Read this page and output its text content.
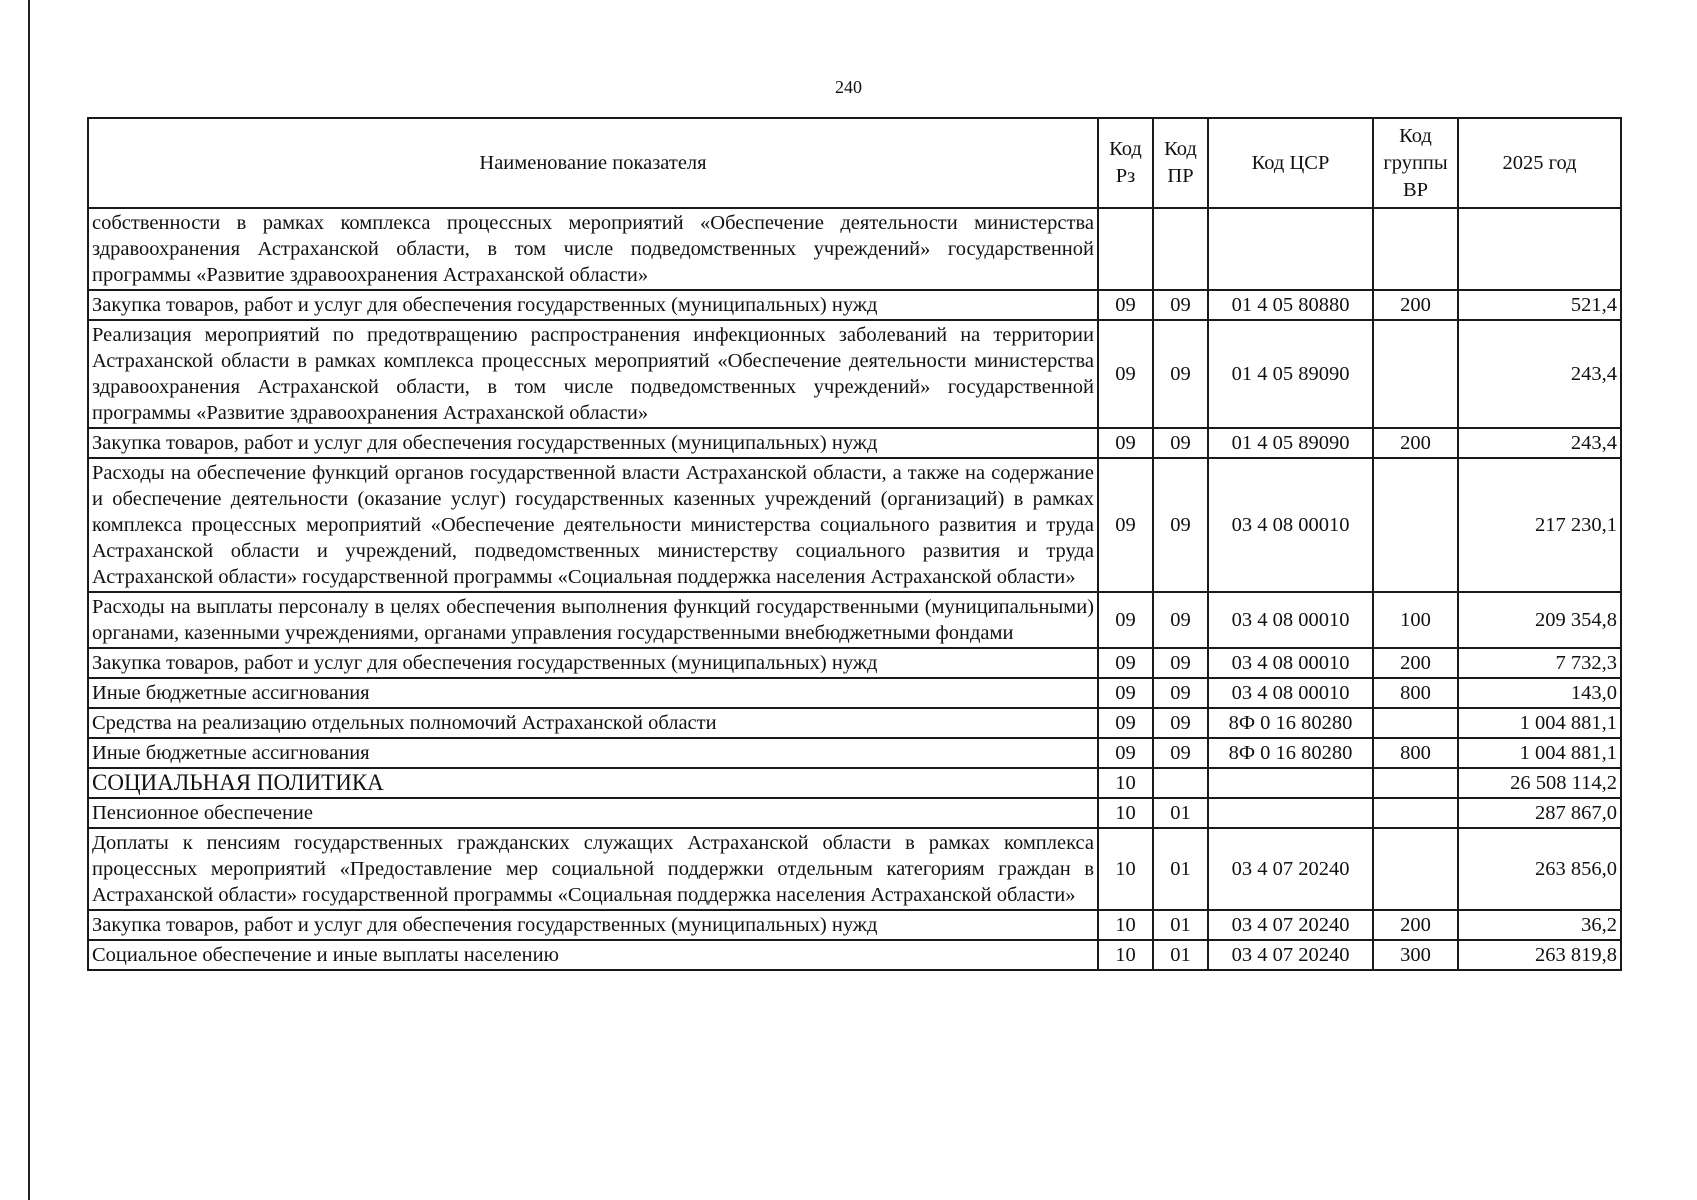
240
Наименование показателя	Код Рз	Код ПР	Код ЦСР	Код группы ВР	2025 год
собственности в рамках комплекса процессных мероприятий «Обеспечение деятельности министерства здравоохранения Астраханской области, в том числе подведомственных учреждений» государственной программы «Развитие здравоохранения Астраханской области»					
Закупка товаров, работ и услуг для обеспечения государственных (муниципальных) нужд	09	09	01 4 05 80880	200	521,4
Реализация мероприятий по предотвращению распространения инфекционных заболеваний на территории Астраханской области в рамках комплекса процессных мероприятий «Обеспечение деятельности министерства здравоохранения Астраханской области, в том числе подведомственных учреждений» государственной программы «Развитие здравоохранения Астраханской области»	09	09	01 4 05 89090		243,4
Закупка товаров, работ и услуг для обеспечения государственных (муниципальных) нужд	09	09	01 4 05 89090	200	243,4
Расходы на обеспечение функций органов государственной власти Астраханской области, а также на содержание и обеспечение деятельности (оказание услуг) государственных казенных учреждений (организаций) в рамках комплекса процессных мероприятий «Обеспечение деятельности министерства социального развития и труда Астраханской области и учреждений, подведомственных министерству социального развития и труда Астраханской области» государственной программы «Социальная поддержка населения Астраханской области»	09	09	03 4 08 00010		217 230,1
Расходы на выплаты персоналу в целях обеспечения выполнения функций государственными (муниципальными) органами, казенными учреждениями, органами управления государственными внебюджетными фондами	09	09	03 4 08 00010	100	209 354,8
Закупка товаров, работ и услуг для обеспечения государственных (муниципальных) нужд	09	09	03 4 08 00010	200	7 732,3
Иные бюджетные ассигнования	09	09	03 4 08 00010	800	143,0
Средства на реализацию отдельных полномочий Астраханской области	09	09	8Ф 0 16 80280		1 004 881,1
Иные бюджетные ассигнования	09	09	8Ф 0 16 80280	800	1 004 881,1
СОЦИАЛЬНАЯ ПОЛИТИКА	10				26 508 114,2
Пенсионное обеспечение	10	01			287 867,0
Доплаты к пенсиям государственных гражданских служащих Астраханской области в рамках комплекса процессных мероприятий «Предоставление мер социальной поддержки отдельным категориям граждан в Астраханской области» государственной программы «Социальная поддержка населения Астраханской области»	10	01	03 4 07 20240		263 856,0
Закупка товаров, работ и услуг для обеспечения государственных (муниципальных) нужд	10	01	03 4 07 20240	200	36,2
Социальное обеспечение и иные выплаты населению	10	01	03 4 07 20240	300	263 819,8
